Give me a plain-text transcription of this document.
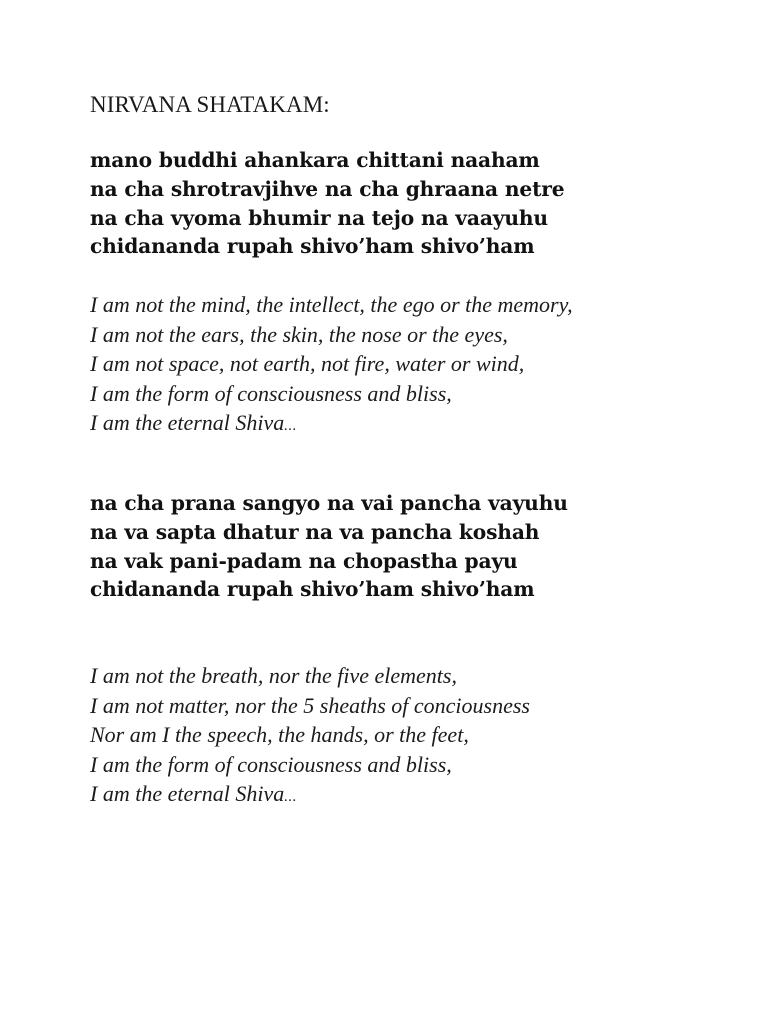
NIRVANA SHATAKAM:
mano buddhi ahankara chittani naaham
na cha shrotravjihve na cha ghraana netre
na cha vyoma bhumir na tejo na vaayuhu
chidananda rupah shivo’ham shivo’ham
I am not the mind, the intellect, the ego or the memory,
I am not the ears, the skin, the nose or the eyes,
I am not space, not earth, not fire, water or wind,
I am the form of consciousness and bliss,
I am the eternal Shiva...
na cha prana sangyo na vai pancha vayuhu
na va sapta dhatur na va pancha koshah
na vak pani-padam na chopastha payu
chidananda rupah shivo’ham shivo’ham
I am not the breath, nor the five elements,
I am not matter, nor the 5 sheaths of conciousness
Nor am I the speech, the hands, or the feet,
I am the form of consciousness and bliss,
I am the eternal Shiva...
